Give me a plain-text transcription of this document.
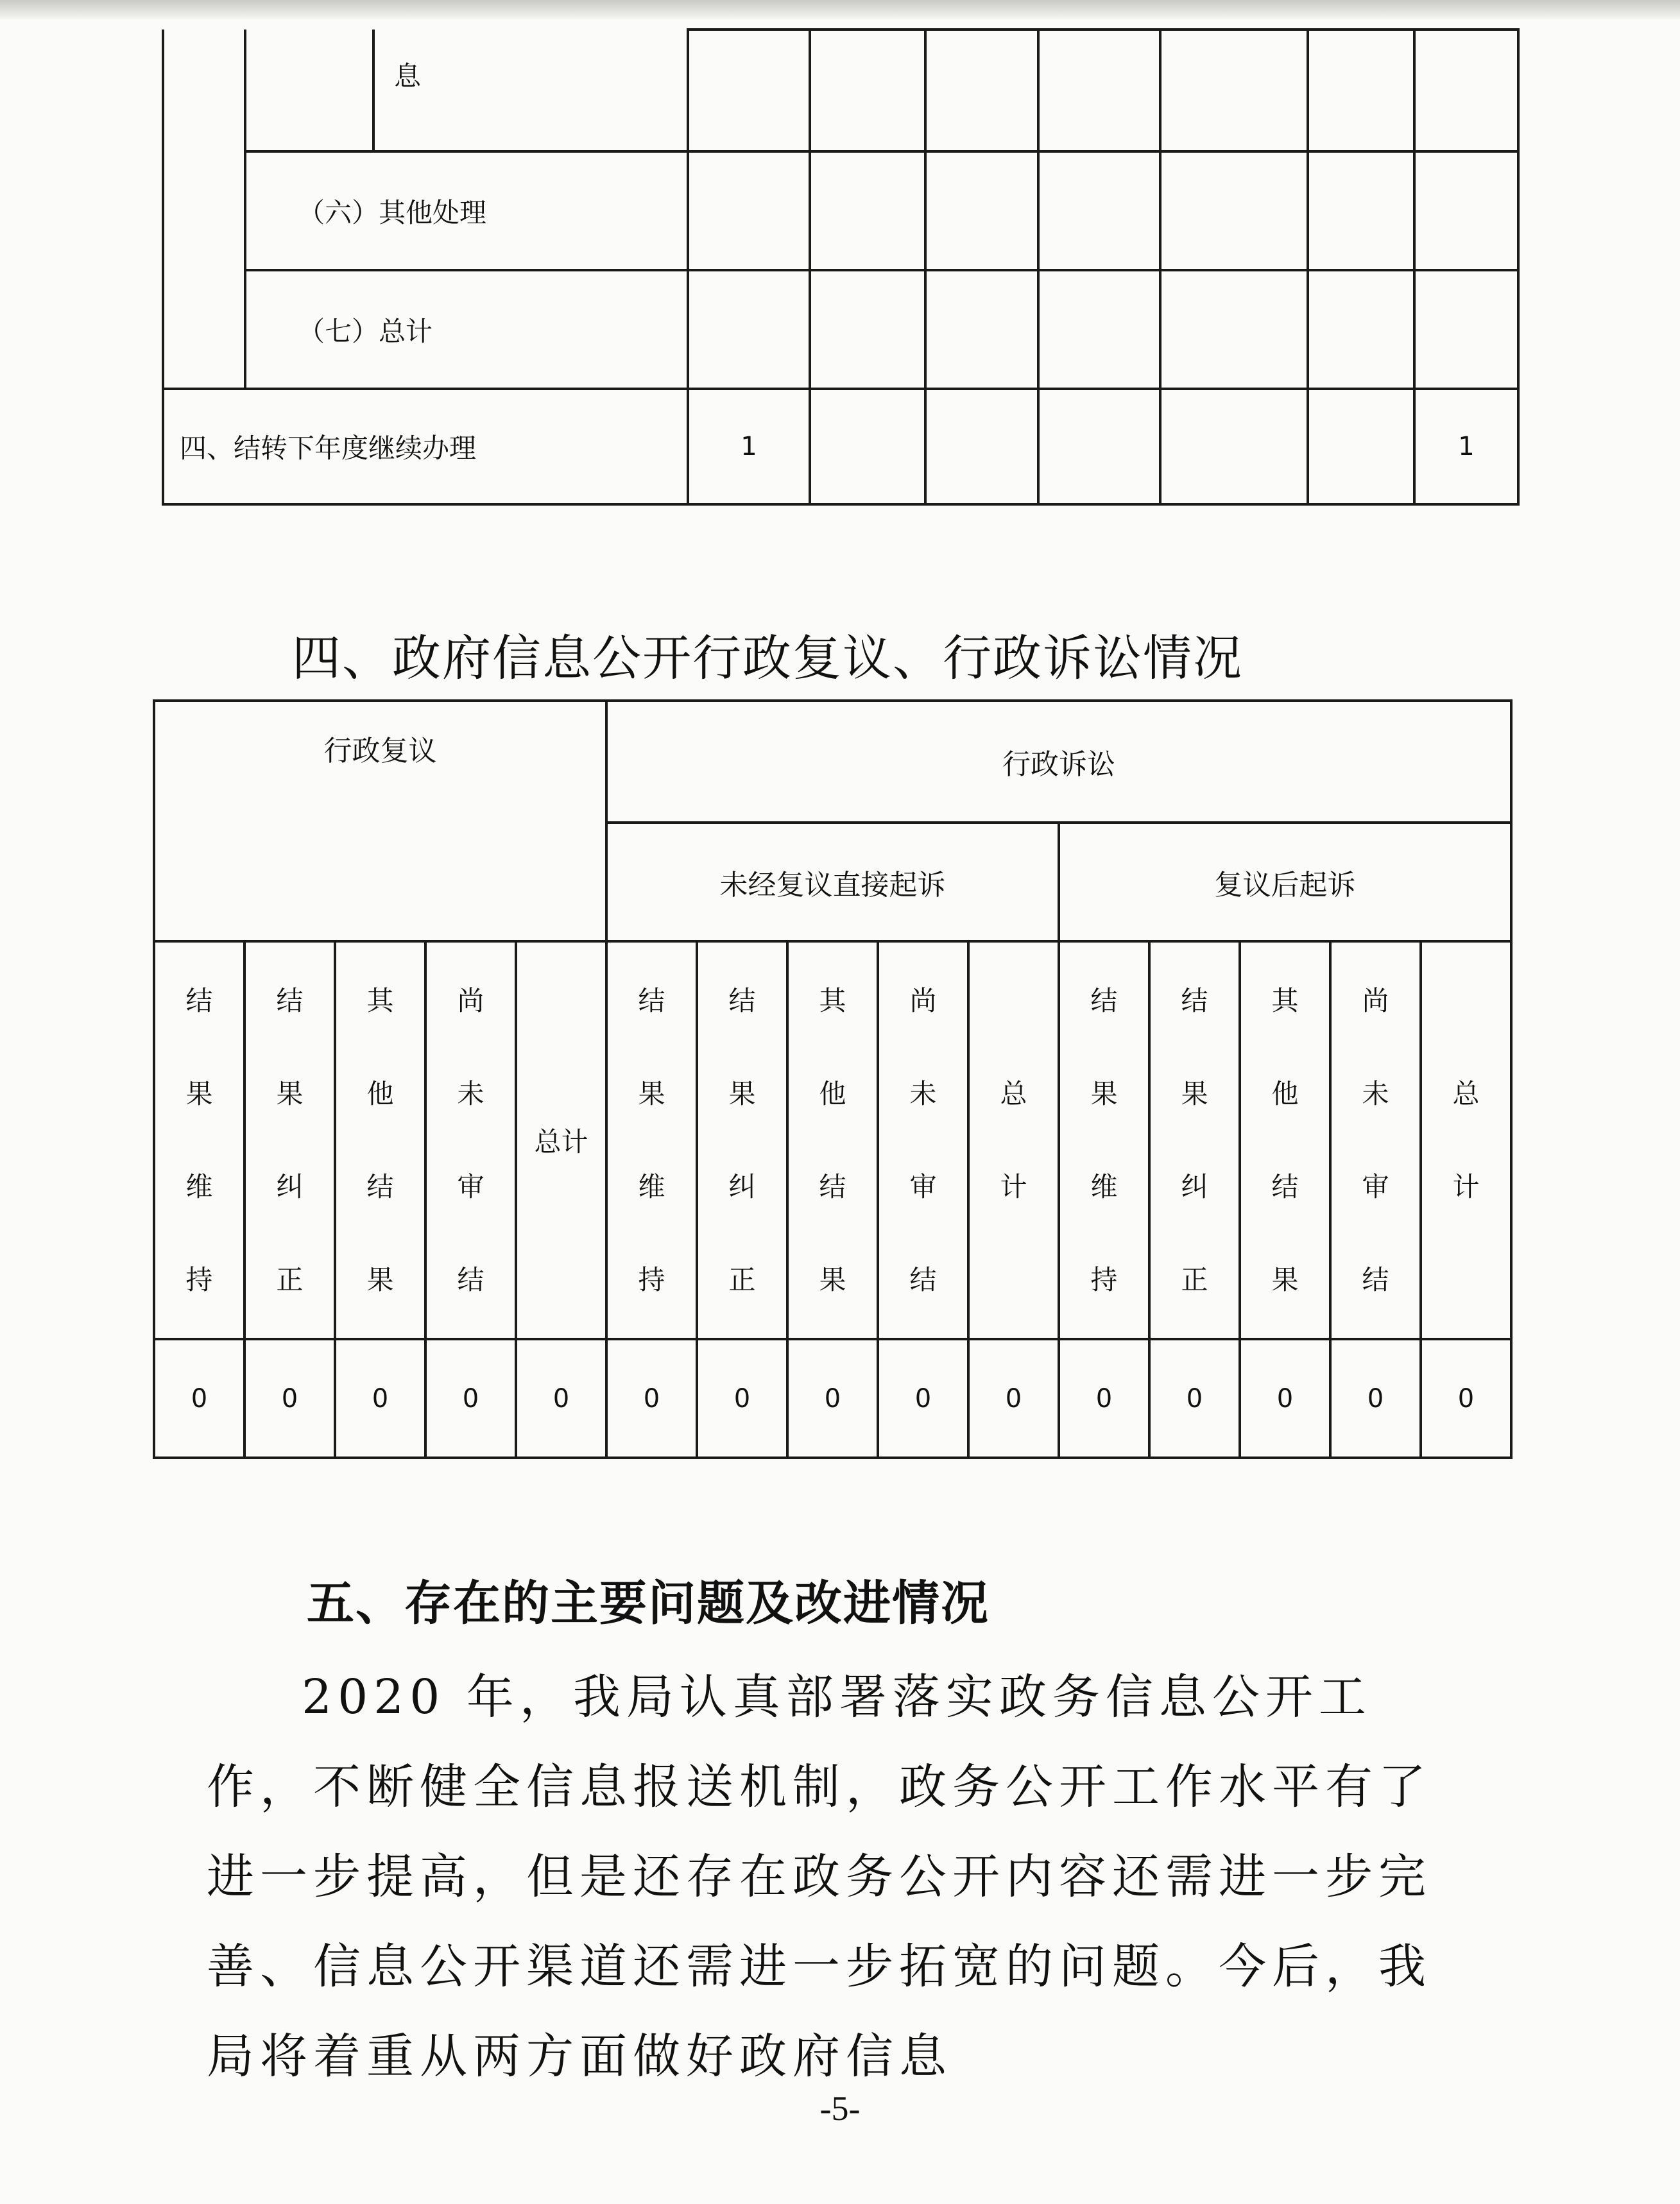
		息							
	（六）其他处理								
	（七）总计								
四、结转下年度继续办理			1						1
四、政府信息公开行政复议、行政诉讼情况
行政复议					行政诉讼									
					未经复议直接起诉					复议后起诉				

结果维持	结果纠正	其他结果	尚未审结	总计	结果维持	结果纠正	其他结果	尚未审结	总计	结果维持	结果纠正	其他结果	尚未审结	总计

0	0	0	0	0	0	0	0	0	0	0	0	0	0	0
五、存在的主要问题及改进情况

2020 年，我局认真部署落实政务信息公开工作，不断健全信息报送机制，政务公开工作水平有了进一步提高，但是还存在政务公开内容还需进一步完善、信息公开渠道还需进一步拓宽的问题。今后，我局将着重从两方面做好政府信息

-5-
